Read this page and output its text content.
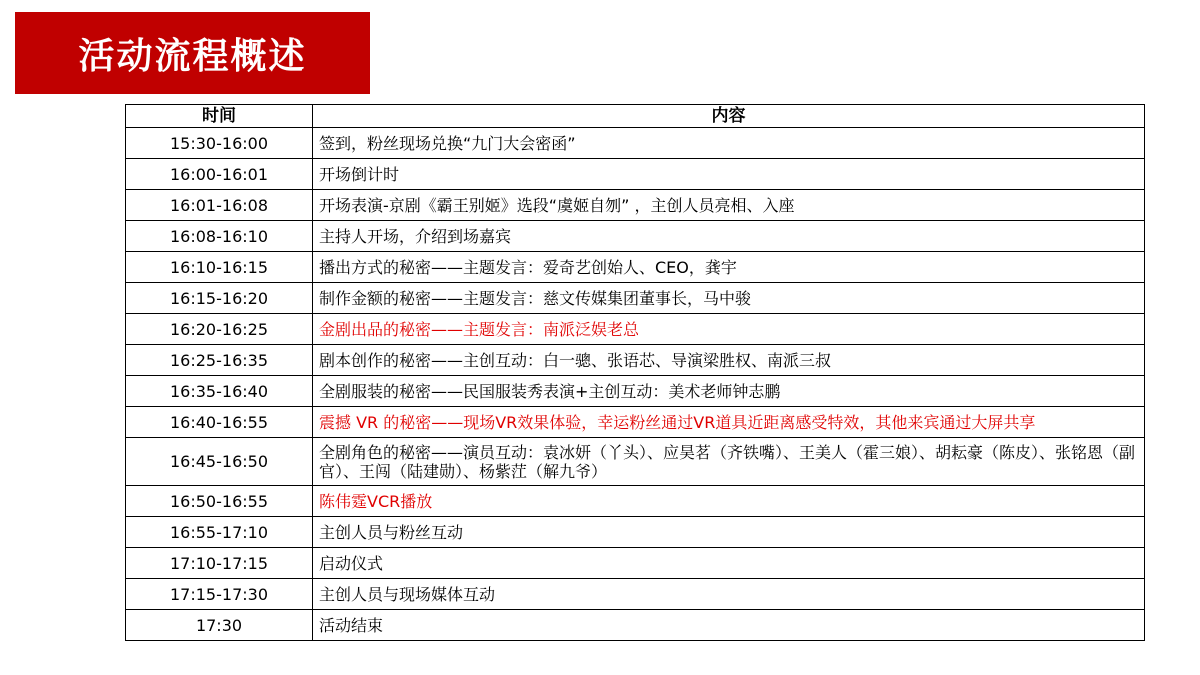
活动流程概述
时间	内容
15:30-16:00	签到，粉丝现场兑换“九门大会密函”
16:00-16:01	开场倒计时
16:01-16:08	开场表演-京剧《霸王别姬》选段“虞姬自刎” ，主创人员亮相、入座
16:08-16:10	主持人开场，介绍到场嘉宾
16:10-16:15	播出方式的秘密——主题发言：爱奇艺创始人、CEO，龚宇
16:15-16:20	制作金额的秘密——主题发言：慈文传媒集团董事长，马中骏
16:20-16:25	金剧出品的秘密——主题发言：南派泛娱老总
16:25-16:35	剧本创作的秘密——主创互动：白一骢、张语芯、导演梁胜权、南派三叔
16:35-16:40	全剧服装的秘密——民国服装秀表演+主创互动：美术老师钟志鹏
16:40-16:55	震撼 VR 的秘密——现场VR效果体验，幸运粉丝通过VR道具近距离感受特效，其他来宾通过大屏共享
16:45-16:50	全剧角色的秘密——演员互动：袁冰妍（丫头）、应昊茗（齐铁嘴）、王美人（霍三娘）、胡耘豪（陈皮）、张铭恩（副官）、王闯（陆建勋）、杨紫茳（解九爷）
16:50-16:55	陈伟霆VCR播放
16:55-17:10	主创人员与粉丝互动
17:10-17:15	启动仪式
17:15-17:30	主创人员与现场媒体互动
17:30	活动结束
